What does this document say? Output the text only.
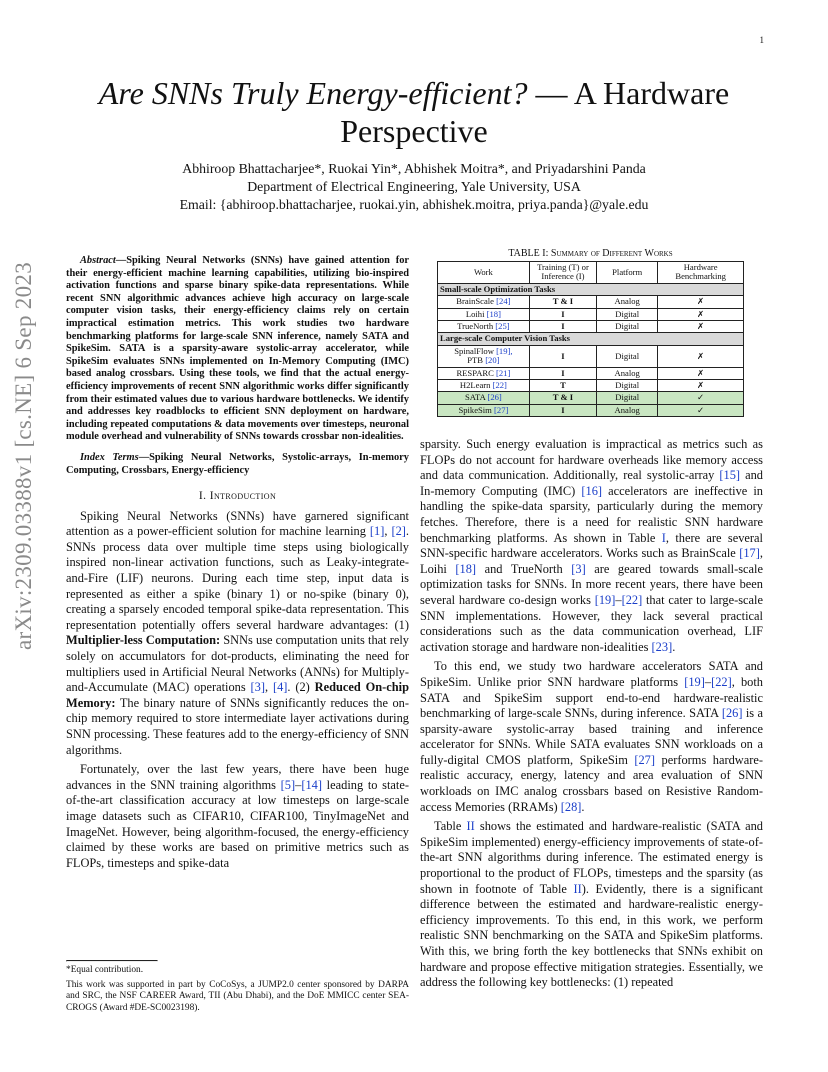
1
arXiv:2309.03388v1 [cs.NE] 6 Sep 2023
Are SNNs Truly Energy-efficient? — A Hardware Perspective
Abhiroop Bhattacharjee*, Ruokai Yin*, Abhishek Moitra*, and Priyadarshini Panda
Department of Electrical Engineering, Yale University, USA
Email: {abhiroop.bhattacharjee, ruokai.yin, abhishek.moitra, priya.panda}@yale.edu

Abstract—Spiking Neural Networks (SNNs) have gained attention for their energy-efficient machine learning capabilities, utilizing bio-inspired activation functions and sparse binary spike-data representations. While recent SNN algorithmic advances achieve high accuracy on large-scale computer vision tasks, their energy-efficiency claims rely on certain impractical estimation metrics. This work studies two hardware benchmarking platforms for large-scale SNN inference, namely SATA and SpikeSim. SATA is a sparsity-aware systolic-array accelerator, while SpikeSim evaluates SNNs implemented on In-Memory Computing (IMC) based analog crossbars. Using these tools, we find that the actual energy-efficiency improvements of recent SNN algorithmic works differ significantly from their estimated values due to various hardware bottlenecks. We identify and addresses key roadblocks to efficient SNN deployment on hardware, including repeated computations & data movements over timesteps, neuronal module overhead and vulnerability of SNNs towards crossbar non-idealities.

Index Terms—Spiking Neural Networks, Systolic-arrays, In-memory Computing, Crossbars, Energy-efficiency

I. Introduction

Spiking Neural Networks (SNNs) have garnered significant attention as a power-efficient solution for machine learning [1], [2]. SNNs process data over multiple time steps using biologically inspired non-linear activation functions, such as Leaky-integrate-and-Fire (LIF) neurons. During each time step, input data is represented as either a spike (binary 1) or no-spike (binary 0), creating a sparsely encoded temporal spike-data representation. This representation potentially offers several hardware advantages: (1) Multiplier-less Computation: SNNs use computation units that rely solely on accumulators for dot-products, eliminating the need for multipliers used in Artificial Neural Networks (ANNs) for Multiply-and-Accumulate (MAC) operations [3], [4]. (2) Reduced On-chip Memory: The binary nature of SNNs significantly reduces the on-chip memory required to store intermediate layer activations during SNN processing. These features add to the energy-efficiency of SNN algorithms.

Fortunately, over the last few years, there have been huge advances in the SNN training algorithms [5]–[14] leading to state-of-the-art classification accuracy at low timesteps on large-scale image datasets such as CIFAR10, CIFAR100, TinyImageNet and ImageNet. However, being algorithm-focused, the energy-efficiency claimed by these works are based on primitive metrics such as FLOPs, timesteps and spike-data

*Equal contribution.

This work was supported in part by CoCoSys, a JUMP2.0 center sponsored by DARPA and SRC, the NSF CAREER Award, TII (Abu Dhabi), and the DoE MMICC center SEA-CROGS (Award #DE-SC0023198).

TABLE I: Summary of Different Works
Work	Training (T) or Inference (I)	Platform	Hardware Benchmarking
Small-scale Optimization Tasks			
BrainScale [24]	T & I	Analog	✗
Loihi [18]	I	Digital	✗
TrueNorth [25]	I	Digital	✗
Large-scale Computer Vision Tasks			
SpinalFlow [19],
PTB [20]	I	Digital	✗
RESPARC [21]	I	Analog	✗
H2Learn [22]	T	Digital	✗
SATA [26]	T & I	Digital	✓
SpikeSim [27]	I	Analog	✓

sparsity. Such energy evaluation is impractical as metrics such as FLOPs do not account for hardware overheads like memory access and data communication. Additionally, real systolic-array [15] and In-memory Computing (IMC) [16] accelerators are ineffective in handling the spike-data sparsity, particularly during the memory fetches. Therefore, there is a need for realistic SNN hardware benchmarking platforms. As shown in Table I, there are several SNN-specific hardware accelerators. Works such as BrainScale [17], Loihi [18] and TrueNorth [3] are geared towards small-scale optimization tasks for SNNs. In more recent years, there have been several hardware co-design works [19]–[22] that cater to large-scale SNN implementations. However, they lack several practical considerations such as the data communication overhead, LIF activation storage and hardware non-idealities [23].

To this end, we study two hardware accelerators SATA and SpikeSim. Unlike prior SNN hardware platforms [19]–[22], both SATA and SpikeSim support end-to-end hardware-realistic benchmarking of large-scale SNNs, during inference. SATA [26] is a sparsity-aware systolic-array based training and inference accelerator for SNNs. While SATA evaluates SNN workloads on a fully-digital CMOS platform, SpikeSim [27] performs hardware-realistic accuracy, energy, latency and area evaluation of SNN workloads on IMC analog crossbars based on Resistive Random-access Memories (RRAMs) [28].

Table II shows the estimated and hardware-realistic (SATA and SpikeSim implemented) energy-efficiency improvements of state-of-the-art SNN algorithms during inference. The estimated energy is proportional to the product of FLOPs, timesteps and the sparsity (as shown in footnote of Table II). Evidently, there is a significant difference between the estimated and hardware-realistic energy-efficiency improvements. To this end, in this work, we perform realistic SNN benchmarking on the SATA and SpikeSim platforms. With this, we bring forth the key bottlenecks that SNNs exhibit on hardware and propose effective mitigation strategies. Essentially, we address the following key bottlenecks: (1) repeated
